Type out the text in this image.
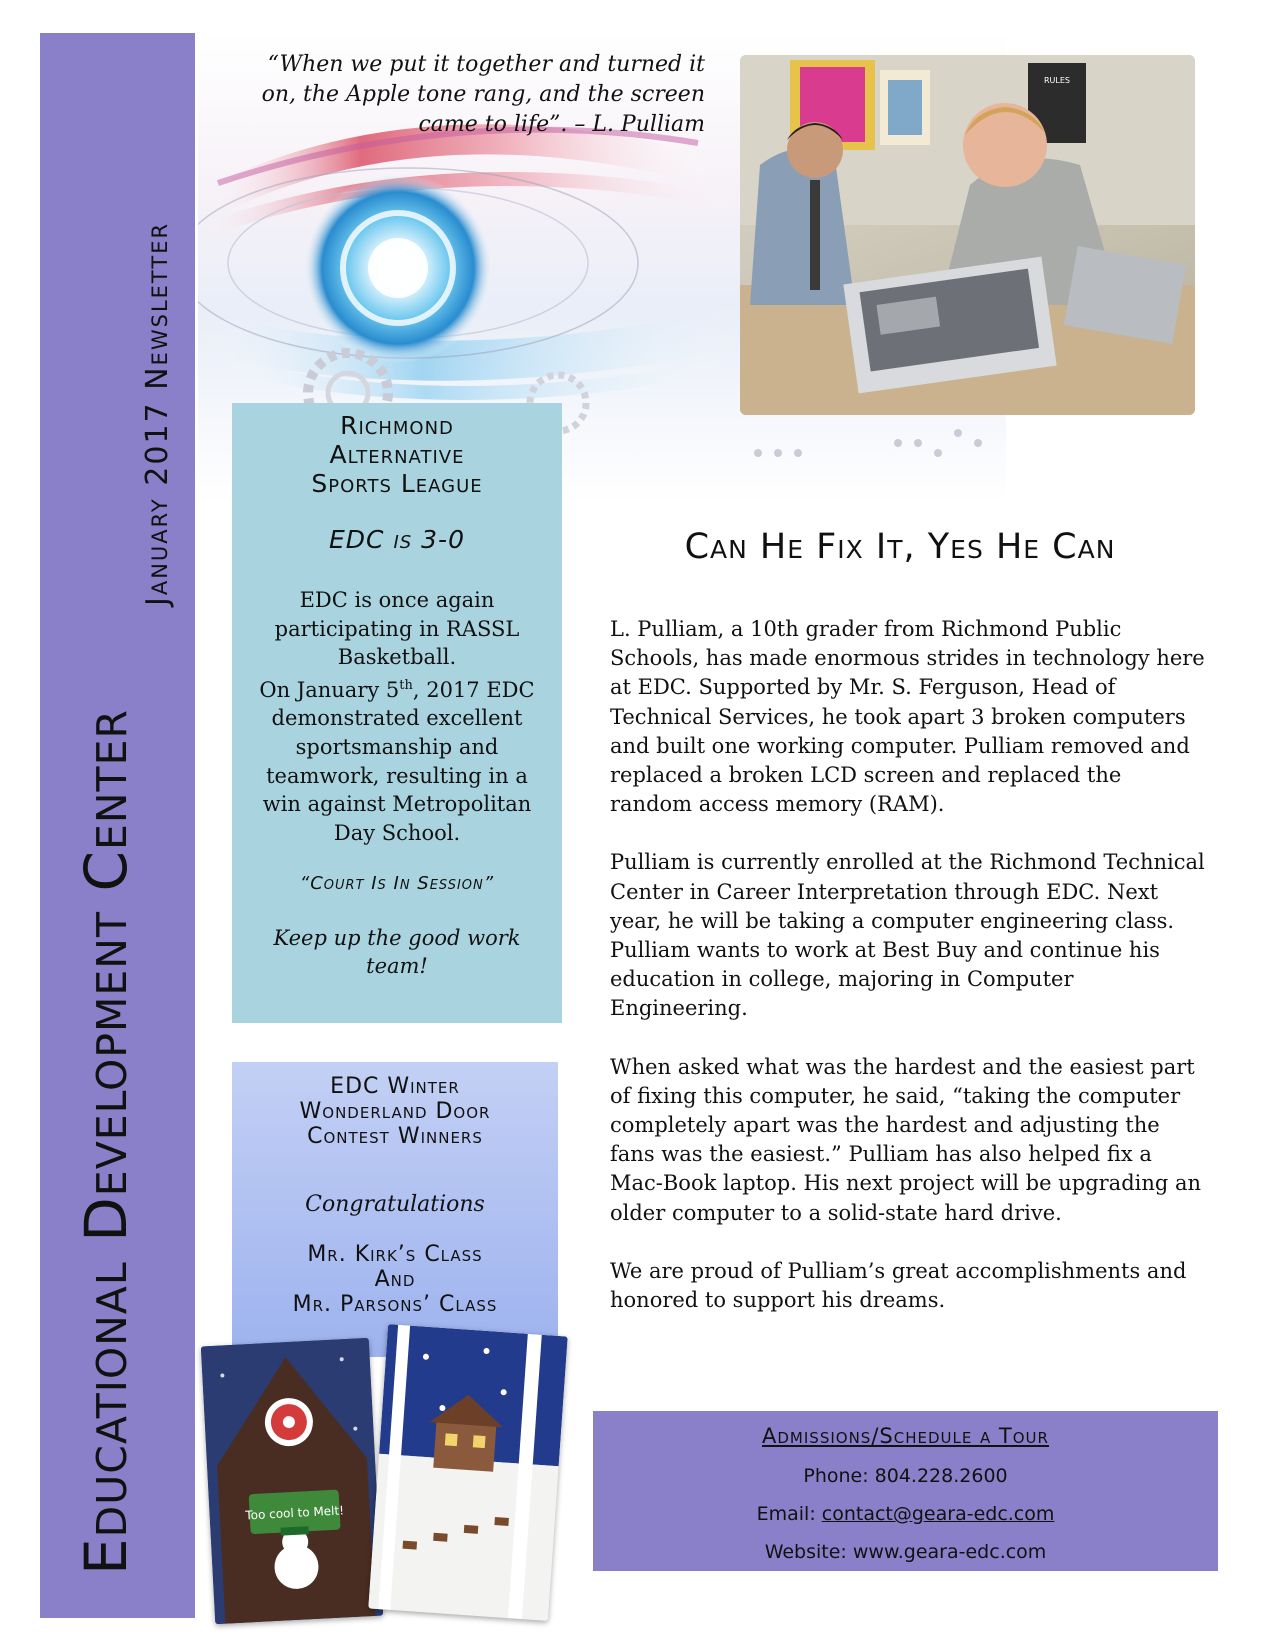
Educational Development Center
January 2017 Newsletter
“When we put it together and turned it on, the Apple tone rang, and the screen came to life”. – L. Pulliam
RULES
Richmond
Alternative
Sports League
EDC is 3-0
EDC is once again participating in RASSL Basketball.
On January 5th, 2017 EDC demonstrated excellent sportsmanship and teamwork, resulting in a win against Metropolitan Day School.
“Court Is In Session”
Keep up the good work team!
EDC Winter
Wonderland Door
Contest Winners
Congratulations
Mr. Kirk’s Class
And
Mr. Parsons’ Class
Too cool to Melt!
Can He Fix It, Yes He Can

L. Pulliam, a 10th grader from Richmond Public Schools, has made enormous strides in technology here at EDC. Supported by Mr. S. Ferguson, Head of Technical Services, he took apart 3 broken computers and built one working computer. Pulliam removed and replaced a broken LCD screen and replaced the random access memory (RAM).

Pulliam is currently enrolled at the Richmond Technical Center in Career Interpretation through EDC. Next year, he will be taking a computer engineering class. Pulliam wants to work at Best Buy and continue his education in college, majoring in Computer Engineering.

When asked what was the hardest and the easiest part of fixing this computer, he said, “taking the computer completely apart was the hardest and adjusting the fans was the easiest.” Pulliam has also helped fix a Mac-Book laptop. His next project will be upgrading an older computer to a solid-state hard drive.

We are proud of Pulliam’s great accomplishments and honored to support his dreams.

Admissions/Schedule a Tour
Phone: 804.228.2600
Email: contact@geara-edc.com
Website: www.geara-edc.com
